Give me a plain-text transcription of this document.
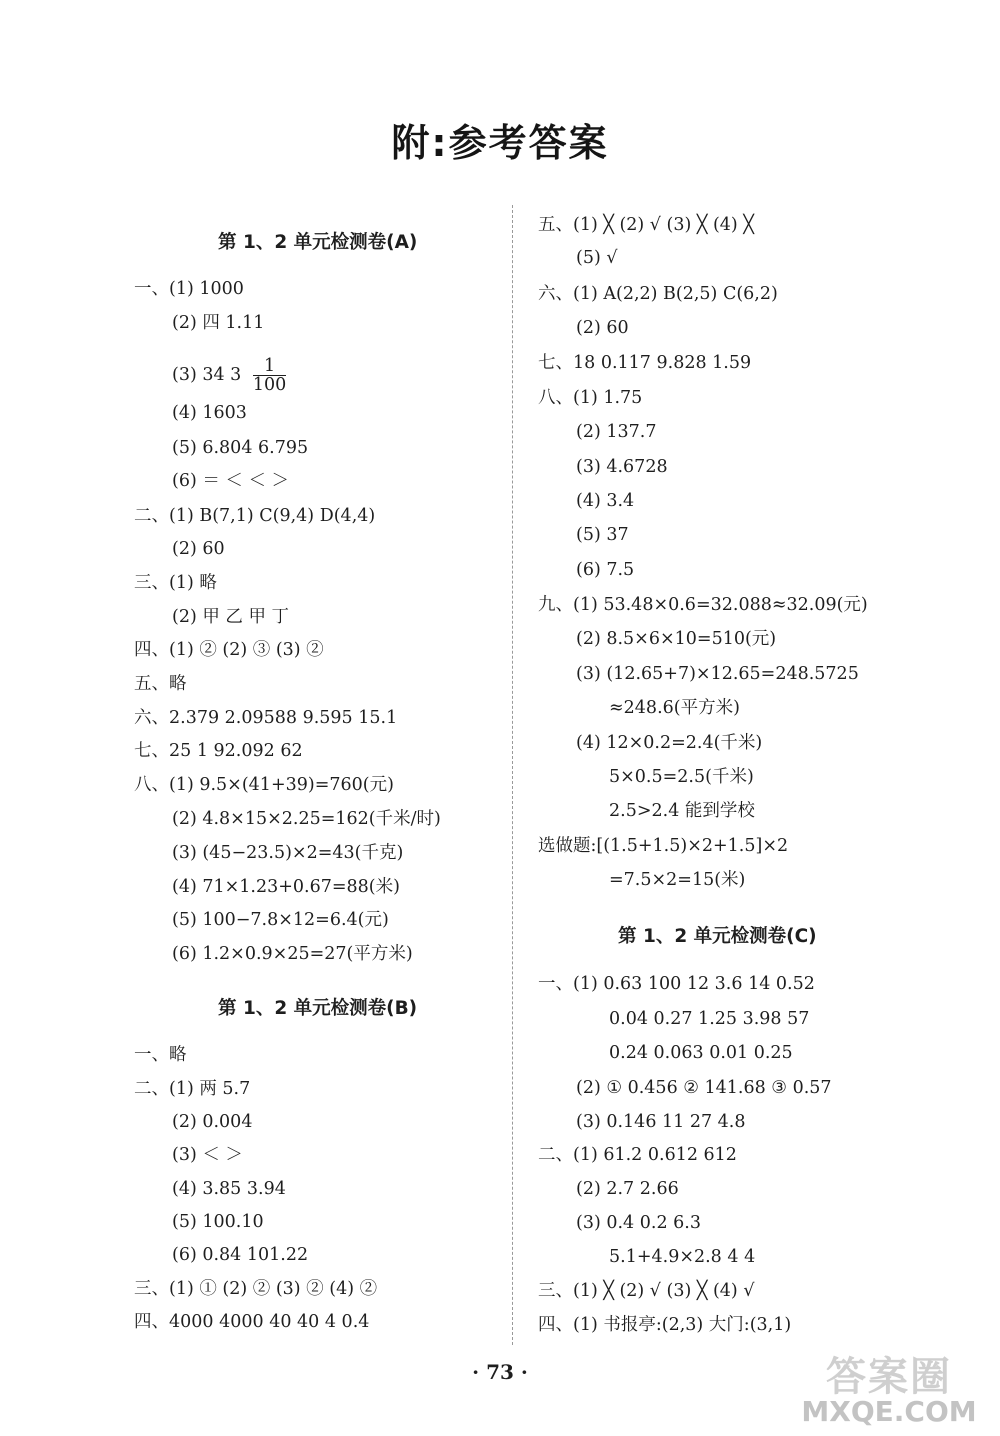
附:参考答案
第 1、2 单元检测卷(A)
一、(1) 1000
(2) 四 1.11
(3) 34 $3 \frac{1}{100}$
(4) 1603
(5) 6.804 6.795
(6) ＝ ＜ ＜ ＞
二、(1) B(7,1) C(9,4) D(4,4)
(2) 60
三、(1) 略
(2) 甲 乙 甲 丁
四、(1) ② (2) ③ (3) ②
五、略
六、2.379 2.09588 9.595 15.1
七、25 1 92.092 62
八、(1) 9.5×(41+39)=760(元)
(2) 4.8×15×2.25=162(千米/时)
(3) (45−23.5)×2=43(千克)
(4) 71×1.23+0.67=88(米)
(5) 100−7.8×12=6.4(元)
(6) 1.2×0.9×25=27(平方米)
第 1、2 单元检测卷(B)
一、略
二、(1) 两 5.7
(2) 0.004
(3) ＜ ＞
(4) 3.85 3.94
(5) 100.10
(6) 0.84 101.22
三、(1) ① (2) ② (3) ② (4) ②
四、4000 4000 40 40 4 0.4
五、(1) ╳ (2) √ (3) ╳ (4) ╳
(5) √
六、(1) A(2,2) B(2,5) C(6,2)
(2) 60
七、18 0.117 9.828 1.59
八、(1) 1.75
(2) 137.7
(3) 4.6728
(4) 3.4
(5) 37
(6) 7.5
九、(1) 53.48×0.6=32.088≈32.09(元)
(2) 8.5×6×10=510(元)
(3) (12.65+7)×12.65=248.5725
≈248.6(平方米)
(4) 12×0.2=2.4(千米)
5×0.5=2.5(千米)
2.5>2.4 能到学校
选做题:[(1.5+1.5)×2+1.5]×2
=7.5×2=15(米)
第 1、2 单元检测卷(C)
一、(1) 0.63 100 12 3.6 14 0.52
0.04 0.27 1.25 3.98 57
0.24 0.063 0.01 0.25
(2) ① 0.456 ② 141.68 ③ 0.57
(3) 0.146 11 27 4.8
二、(1) 61.2 0.612 612
(2) 2.7 2.66
(3) 0.4 0.2 6.3
5.1+4.9×2.8 4 4
三、(1) ╳ (2) √ (3) ╳ (4) √
四、(1) 书报亭:(2,3) 大门:(3,1)
· 73 ·	答案圈
MXQE.COM
